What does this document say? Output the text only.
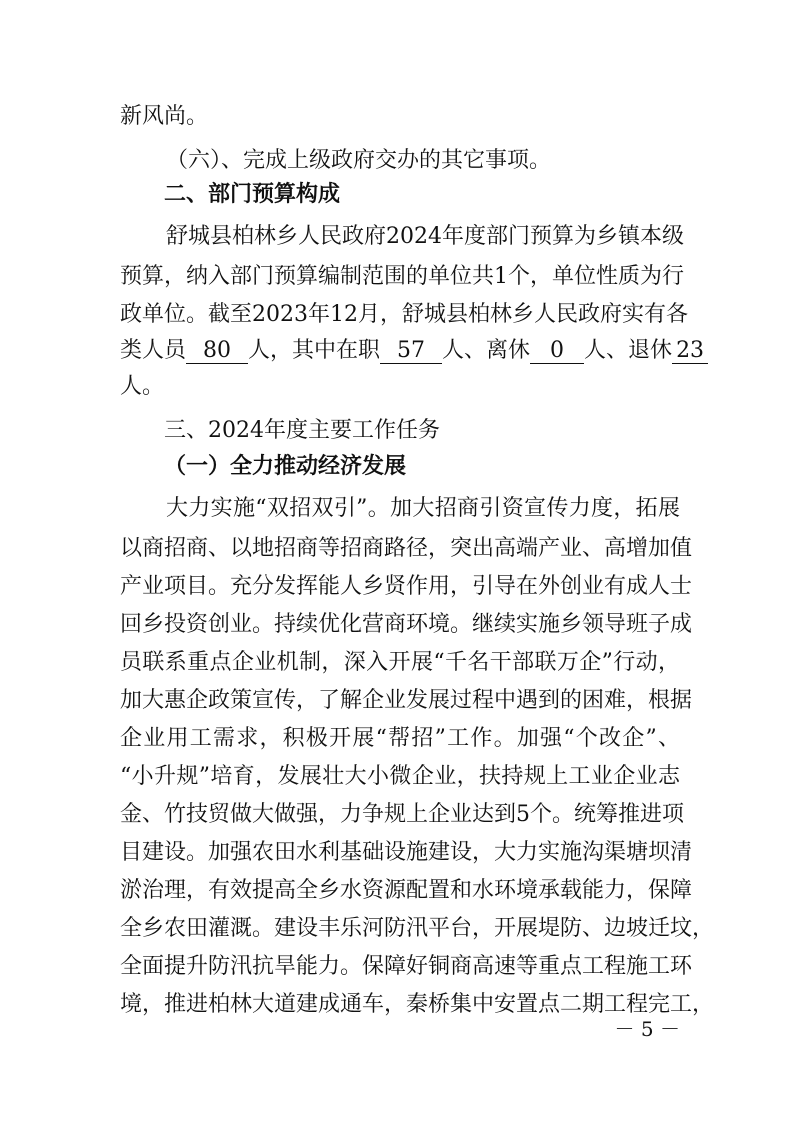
新风尚。
（六）、完成上级政府交办的其它事项。
二、部门预算构成
舒城县柏林乡人民政府2024年度部门预算为乡镇本级
预算，纳入部门预算编制范围的单位共1个，单位性质为行
政单位。截至2023年12月，舒城县柏林乡人民政府实有各
类人员 80 人，其中在职 57 人、离休 0 人、退休 23
人。
三、2024年度主要工作任务
（一）全力推动经济发展
大力实施“双招双引”。加大招商引资宣传力度，拓展
以商招商、以地招商等招商路径，突出高端产业、高增加值
产业项目。充分发挥能人乡贤作用，引导在外创业有成人士
回乡投资创业。持续优化营商环境。继续实施乡领导班子成
员联系重点企业机制，深入开展“千名干部联万企”行动，
加大惠企政策宣传，了解企业发展过程中遇到的困难，根据
企业用工需求，积极开展“帮招”工作。加强“个改企”、
“小升规”培育，发展壮大小微企业，扶持规上工业企业志
金、竹技贸做大做强，力争规上企业达到5个。统筹推进项
目建设。加强农田水利基础设施建设，大力实施沟渠塘坝清
淤治理，有效提高全乡水资源配置和水环境承载能力，保障
全乡农田灌溉。建设丰乐河防汛平台，开展堤防、边坡迁坟，
全面提升防汛抗旱能力。保障好铜商高速等重点工程施工环
境，推进柏林大道建成通车，秦桥集中安置点二期工程完工，
－ 5 －
